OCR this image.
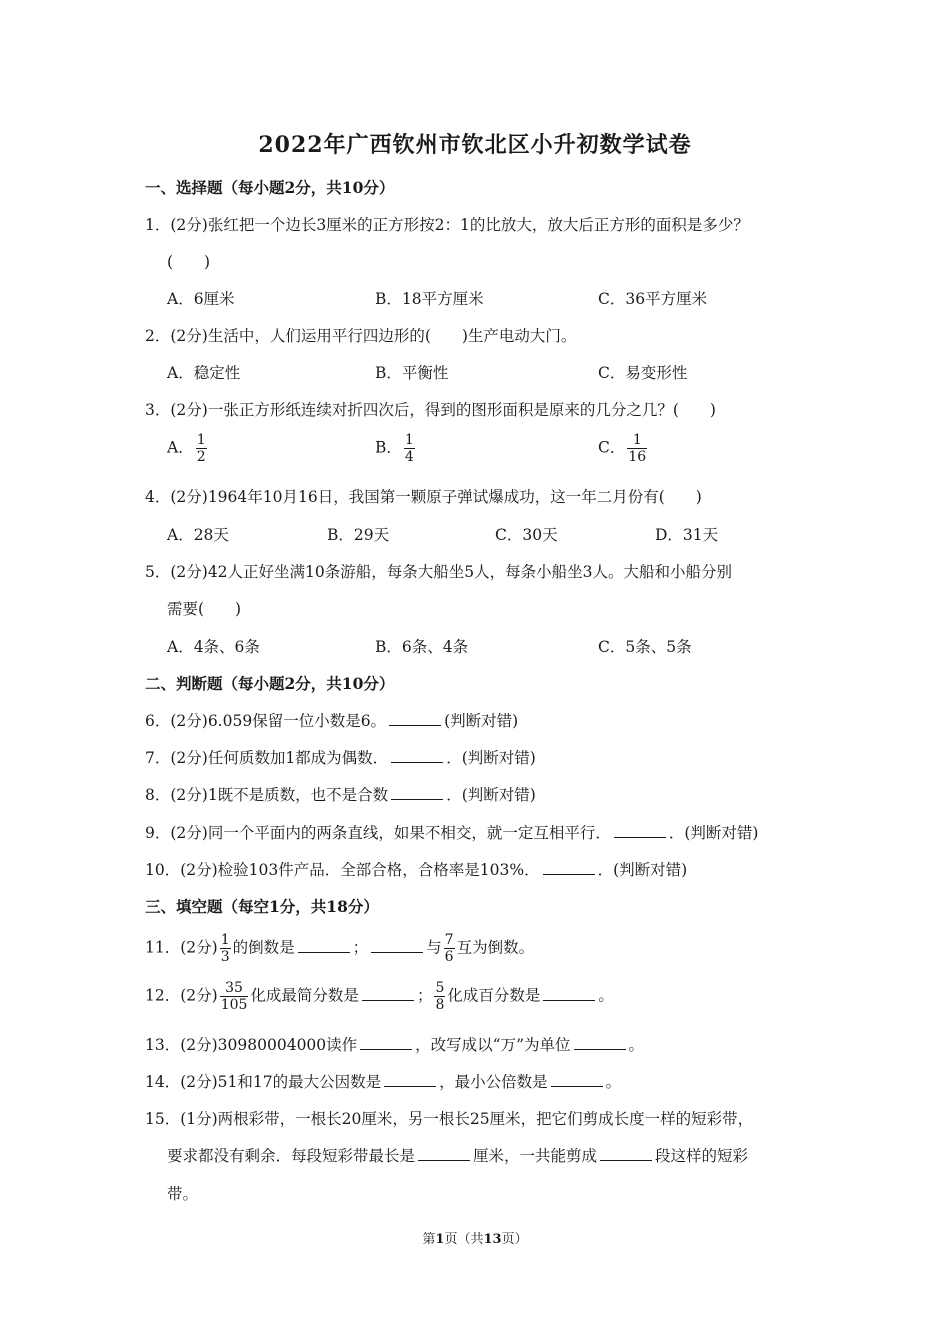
2022年广西钦州市钦北区小升初数学试卷
一、选择题（每小题2分，共10分）
1．(2分)张红把一个边长3厘米的正方形按2：1的比放大，放大后正方形的面积是多少？
(　　)
A．6厘米	B．18平方厘米	C．36平方厘米
2．(2分)生活中，人们运用平行四边形的(　　)生产电动大门。
A．稳定性	B．平衡性	C．易变形性
3．(2分)一张正方形纸连续对折四次后，得到的图形面积是原来的几分之几？(　　)
A． $\frac{1}{2}$	B． $\frac{1}{4}$	C． $\frac{1}{16}$
4．(2分)1964年10月16日，我国第一颗原子弹试爆成功，这一年二月份有(　　)
A．28天	B．29天	C．30天	D．31天
5．(2分)42人正好坐满10条游船，每条大船坐5人，每条小船坐3人。大船和小船分别
需要(　　)
A．4条、6条	B．6条、4条	C．5条、5条
二、判断题（每小题2分，共10分）
6．(2分)6.059保留一位小数是6。	(判断对错)
7．(2分)任何质数加1都成为偶数．	．(判断对错)
8．(2分)1既不是质数，也不是合数	．(判断对错)
9．(2分)同一个平面内的两条直线，如果不相交，就一定互相平行．	．(判断对错)
10．(2分)检验103件产品．全部合格，合格率是103%．	．(判断对错)
三、填空题（每空1分，共18分）
11．(2分) $\frac{1}{3}$ 的倒数是	；	与 $\frac{7}{6}$ 互为倒数。
12．(2分) $\frac{35}{105}$ 化成最简分数是	； $\frac{5}{8}$ 化成百分数是	。
13．(2分)30980004000读作	，改写成以“万”为单位	。
14．(2分)51和17的最大公因数是	，最小公倍数是	。
15．(1分)两根彩带，一根长20厘米，另一根长25厘米，把它们剪成长度一样的短彩带，
要求都没有剩余．每段短彩带最长是	厘米，一共能剪成	段这样的短彩
带。
第1页（共13页）
